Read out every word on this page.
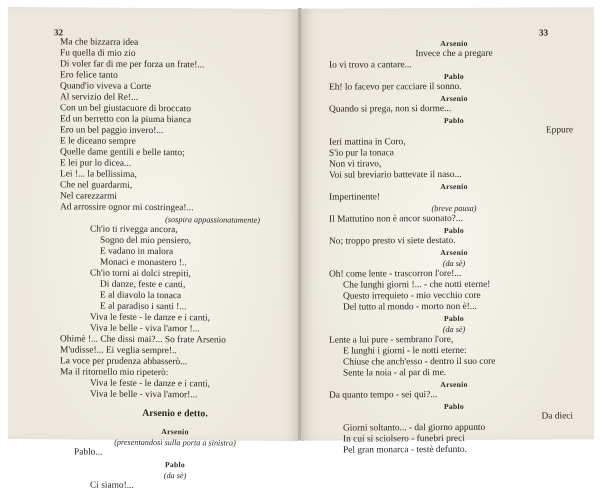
32
Ma che bizzarra idea
Fu quella di mio zio
Di voler far di me per forza un frate!...
Ero felice tanto
Quand'io viveva a Corte
Al servizio del Re!...
Con un bel giustacuore di broccato
Ed un berretto con la piuma bianca
Ero un bel paggio invero!...
E le diceano sempre
Quelle dame gentili e belle tanto;
E lei pur lo dicea...
Lei !... la bellissima,
Che nel guardarmi,
Nel carezzarmi
Ad arrossire ognor mi costringea!...
(sospira appassionatamente)
Ch'io ti rivegga ancora,
Sogno del mio pensiero,
E vadano in malora
Monaci e monastero !..
Ch'io torni ai dolci strepiti,
Di danze, feste e canti,
E al diavolo la tonaca
E al paradiso i santi !...
Viva le feste - le danze e i canti,
Viva le belle - viva l'amor !...
Ohimè !... Che dissi mai?... So frate Arsenio
M'udisse!... Ei veglia sempre!..
La voce per prudenza abbasserò...
Ma il ritornello mio ripeterò:
Viva le feste - le danze e i canti,
Viva le belle - viva l'amor!...
Arsenio e detto.
Arsenio
(presentandosi sulla porta a sinistra)
Pablo...
Pablo
(da sè)
Ci siamo!...
33
Arsenio
Invece che a pregare
Io vi trovo a cantare...
Pablo
Eh! lo facevo per cacciare il sonno.
Arsenio
Quando si prega, non si dorme...
Pablo
Eppure
Ieri mattina in Coro,
S'io pur la tonaca
Non vi tiravo,
Voi sul breviario battevate il naso...
Arsenio
Impertinente!
(breve pausa)
Il Mattutino non è ancor suonato?...
Pablo
No; troppo presto vi siete destato.
Arsenio
(da sè)
Oh! come lente - trascorron l'ore!...
Che lunghi giorni !... - che notti eterne!
Questo irrequieto - mio vecchio core
Del tutto al mondo - morto non è!...
Pablo
(da sè)
Lente a lui pure - sembrano l'ore,
E lunghi i giorni - le notti eterne:
Chiuse che anch'esso - dentro il suo core
Sente la noia - al par di me.
Arsenio
Da quanto tempo - sei qui?...
Pablo
Da dieci
Giorni soltanto... - dal giorno appunto
In cui si sciolsero - funebri preci
Pel gran monarca - testè defunto.
